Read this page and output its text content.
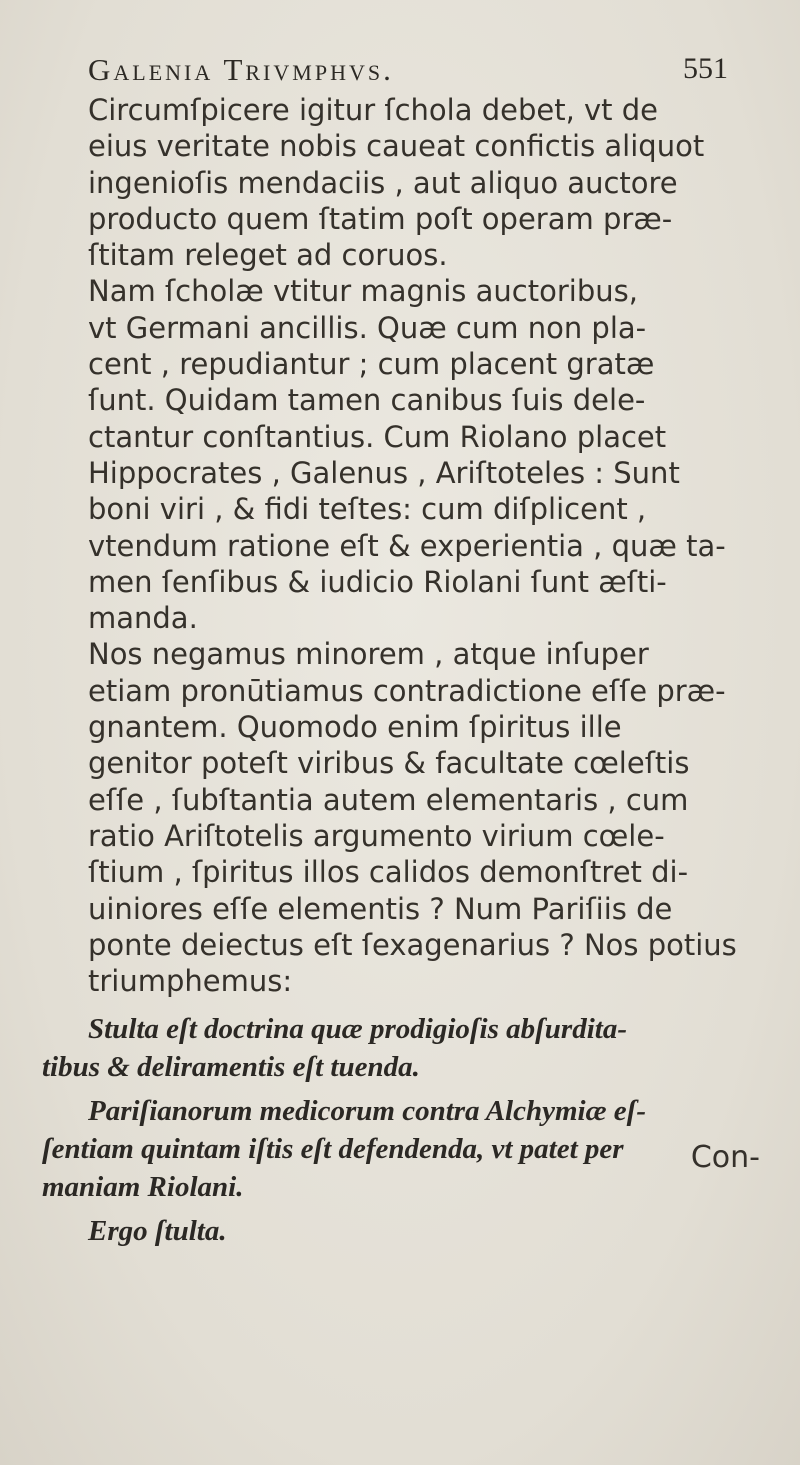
Galenia Trivmphvs.	551

Circumſpicere igitur ſchola debet, vt de
eius veritate nobis caueat confictis aliquot
ingenioſis mendaciis , aut aliquo auctore
producto quem ſtatim poſt operam præ-
ſtitam releget ad coruos.

Nam ſcholæ vtitur magnis auctoribus,
vt Germani ancillis. Quæ cum non pla-
cent , repudiantur ; cum placent gratæ
ſunt. Quidam tamen canibus ſuis dele-
ctantur conſtantius. Cum Riolano placet
Hippocrates , Galenus , Ariſtoteles : Sunt
boni viri , & fidi teſtes: cum diſplicent ,
vtendum ratione eſt & experientia , quæ ta-
men ſenſibus & iudicio Riolani ſunt æſti-
manda.

Nos negamus minorem , atque inſuper
etiam pronūtiamus contradictione eſſe præ-
gnantem. Quomodo enim ſpiritus ille
genitor poteſt viribus & facultate cœleſtis
eſſe , ſubſtantia autem elementaris , cum
ratio Ariſtotelis argumento virium cœle-
ſtium , ſpiritus illos calidos demonſtret di-
uiniores eſſe elementis ? Num Pariſiis de
ponte deiectus eſt ſexagenarius ? Nos potius
triumphemus:

Stulta eſt doctrina quæ prodigioſis abſurdita-
tibus & deliramentis eſt tuenda.
Pariſianorum medicorum contra Alchymiæ eſ-
ſentiam quintam iſtis eſt defendenda, vt patet per
maniam Riolani.
Ergo ſtulta.
Con-
